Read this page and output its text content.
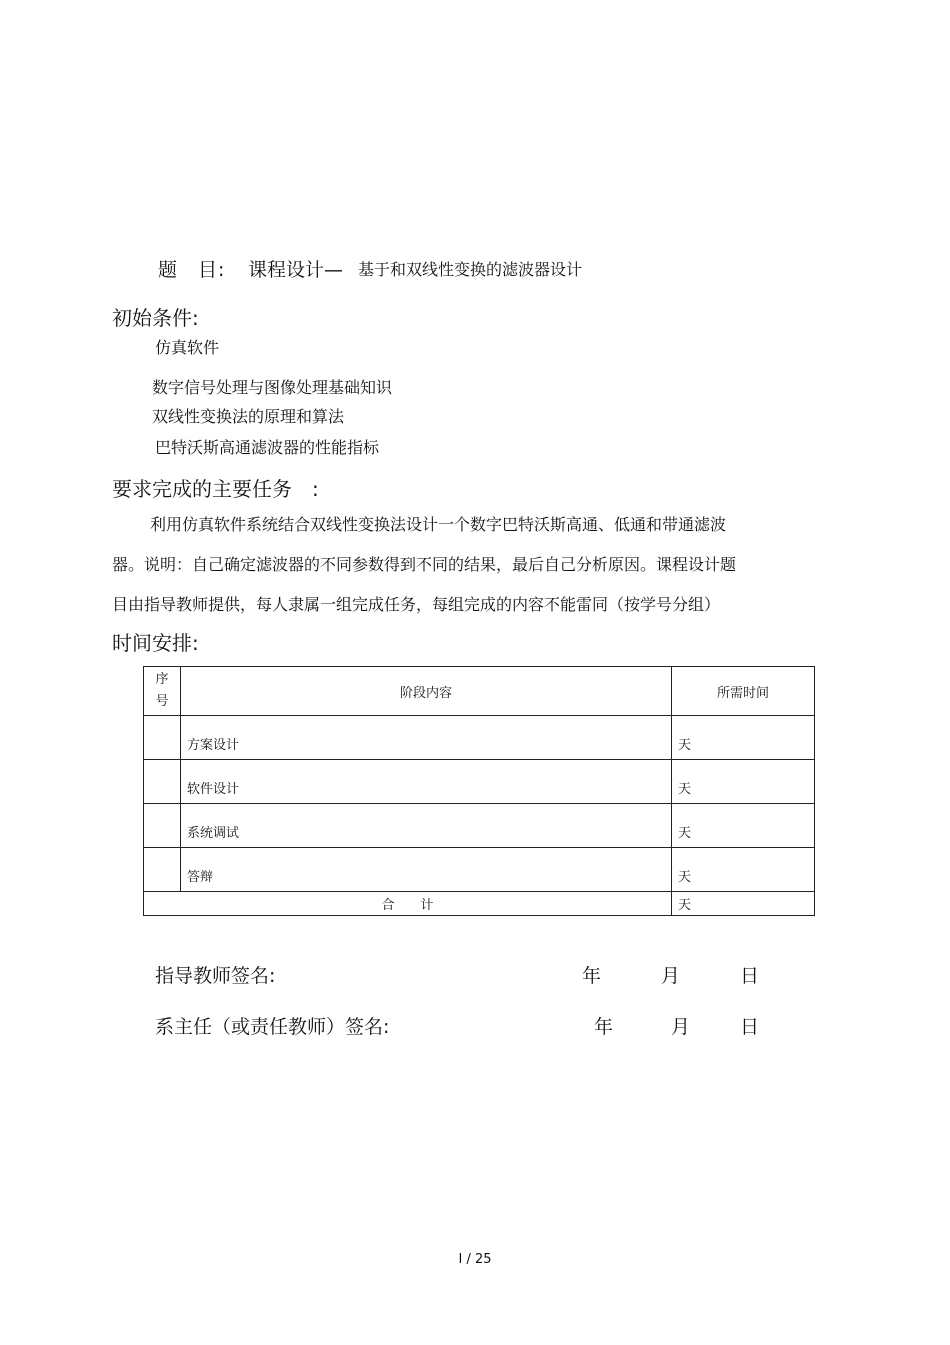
题　目: 课程设计— 基于和双线性变换的滤波器设计
初始条件:
仿真软件
数字信号处理与图像处理基础知识
双线性变换法的原理和算法
巴特沃斯高通滤波器的性能指标
要求完成的主要任务　:
利用仿真软件系统结合双线性变换法设计一个数字巴特沃斯高通、低通和带通滤波
器。说明：自己确定滤波器的不同参数得到不同的结果，最后自己分析原因。课程设计题
目由指导教师提供，每人隶属一组完成任务，每组完成的内容不能雷同（按学号分组）
时间安排:
序
号	阶段内容	所需时间
	方案设计	天
	软件设计	天
	系统调试	天
	答辩	天
合　　计		天
指导教师签名:	年	月	日
系主任（或责任教师）签名:	年	月	日
I / 25
